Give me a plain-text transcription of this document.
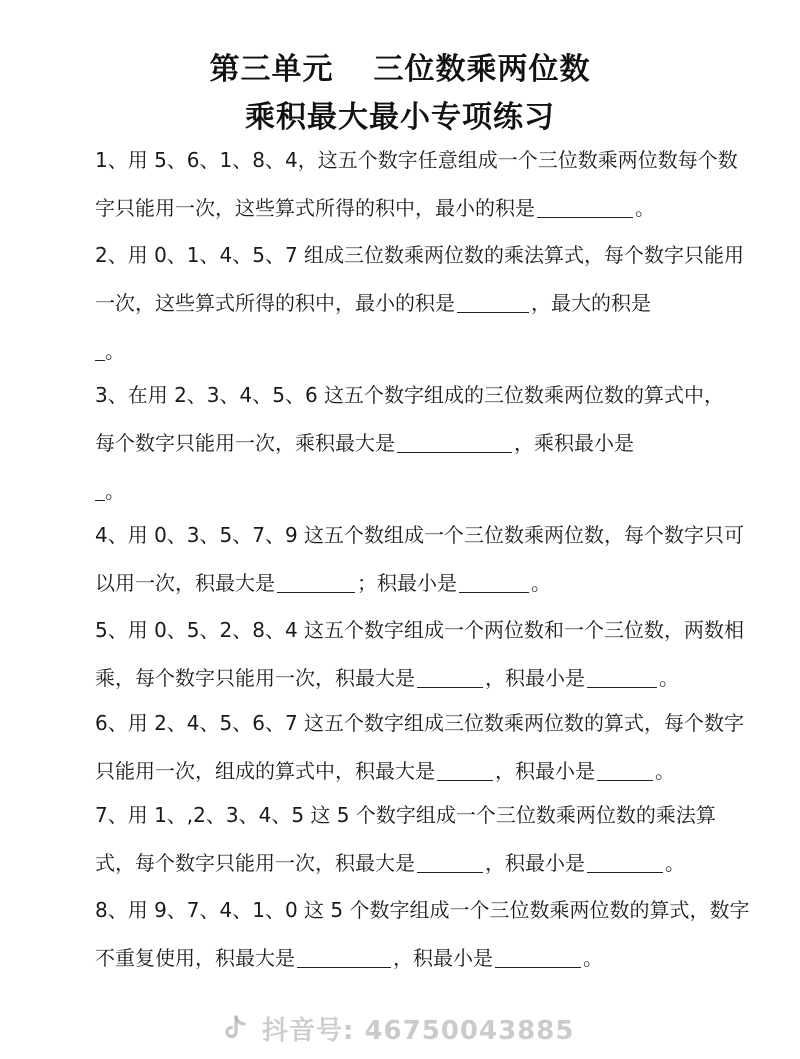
第三单元 三位数乘两位数
乘积最大最小专项练习
1、用 5、6、1、8、4，这五个数字任意组成一个三位数乘两位数每个数
字只能用一次，这些算式所得的积中，最小的积是	。
2、用 0、1、4、5、7 组成三位数乘两位数的乘法算式，每个数字只能用
一次，这些算式所得的积中，最小的积是	，最大的积是
。
3、在用 2、3、4、5、6 这五个数字组成的三位数乘两位数的算式中，
每个数字只能用一次，乘积最大是	，乘积最小是
。
4、用 0、3、5、7、9 这五个数组成一个三位数乘两位数，每个数字只可
以用一次，积最大是	；积最小是	。
5、用 0、5、2、8、4 这五个数字组成一个两位数和一个三位数，两数相
乘，每个数字只能用一次，积最大是	，积最小是	。
6、用 2、4、5、6、7 这五个数字组成三位数乘两位数的算式，每个数字
只能用一次，组成的算式中，积最大是	，积最小是	。
7、用 1、,2、3、4、5 这 5 个数字组成一个三位数乘两位数的乘法算
式，每个数字只能用一次，积最大是	，积最小是	。
8、用 9、7、4、1、0 这 5 个数字组成一个三位数乘两位数的算式，数字
不重复使用，积最大是	，积最小是	。
抖音号: 46750043885
